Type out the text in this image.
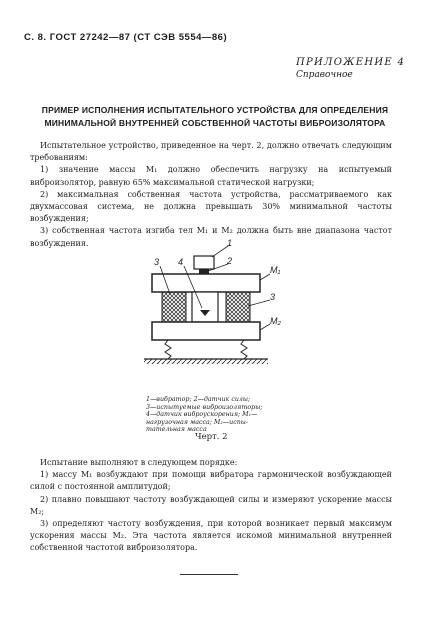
С. 8. ГОСТ 27242—87 (СТ СЭВ 5554—86)
ПРИЛОЖЕНИЕ 4
Справочное
ПРИМЕР ИСПОЛНЕНИЯ ИСПЫТАТЕЛЬНОГО УСТРОЙСТВА ДЛЯ ОПРЕДЕЛЕНИЯ
МИНИМАЛЬНОЙ ВНУТРЕННЕЙ СОБСТВЕННОЙ ЧАСТОТЫ ВИБРОИЗОЛЯТОРА

Испытательное устройство, приведенное на черт. 2, должно отвечать следующим требованиям:

1) значение массы M₁ должно обеспечить нагрузку на испытуемый виброизолятор, равную 65% максимальной статической нагрузки;

2) максимальная собственная частота устройства, рассматриваемого как двухмассовая система, не должна превышать 30% минимальной частоты возбуждения;

3) собственная частота изгиба тел M₁ и M₂ должна быть вне диапазона частот возбуждения.	1
2
3 4
M₁
3
M₂
1—вибратор; 2—датчик силы;
3—испытуемые виброизоляторы;
4—датчик виброускорения; M₁—
нагрузочная масса; M₂—испы-
тательная масса
Черт. 2

Испытание выполняют в следующем порядке:

1) массу M₁ возбуждают при помощи вибратора гармонической возбуждающей силой с постоянной амплитудой;

2) плавно повышают частоту возбуждающей силы и измеряют ускорение массы M₂;

3) определяют частоту возбуждения, при которой возникает первый максимум ускорения массы M₂. Эта частота является искомой минимальной внутренней собственной частотой виброизолятора.
